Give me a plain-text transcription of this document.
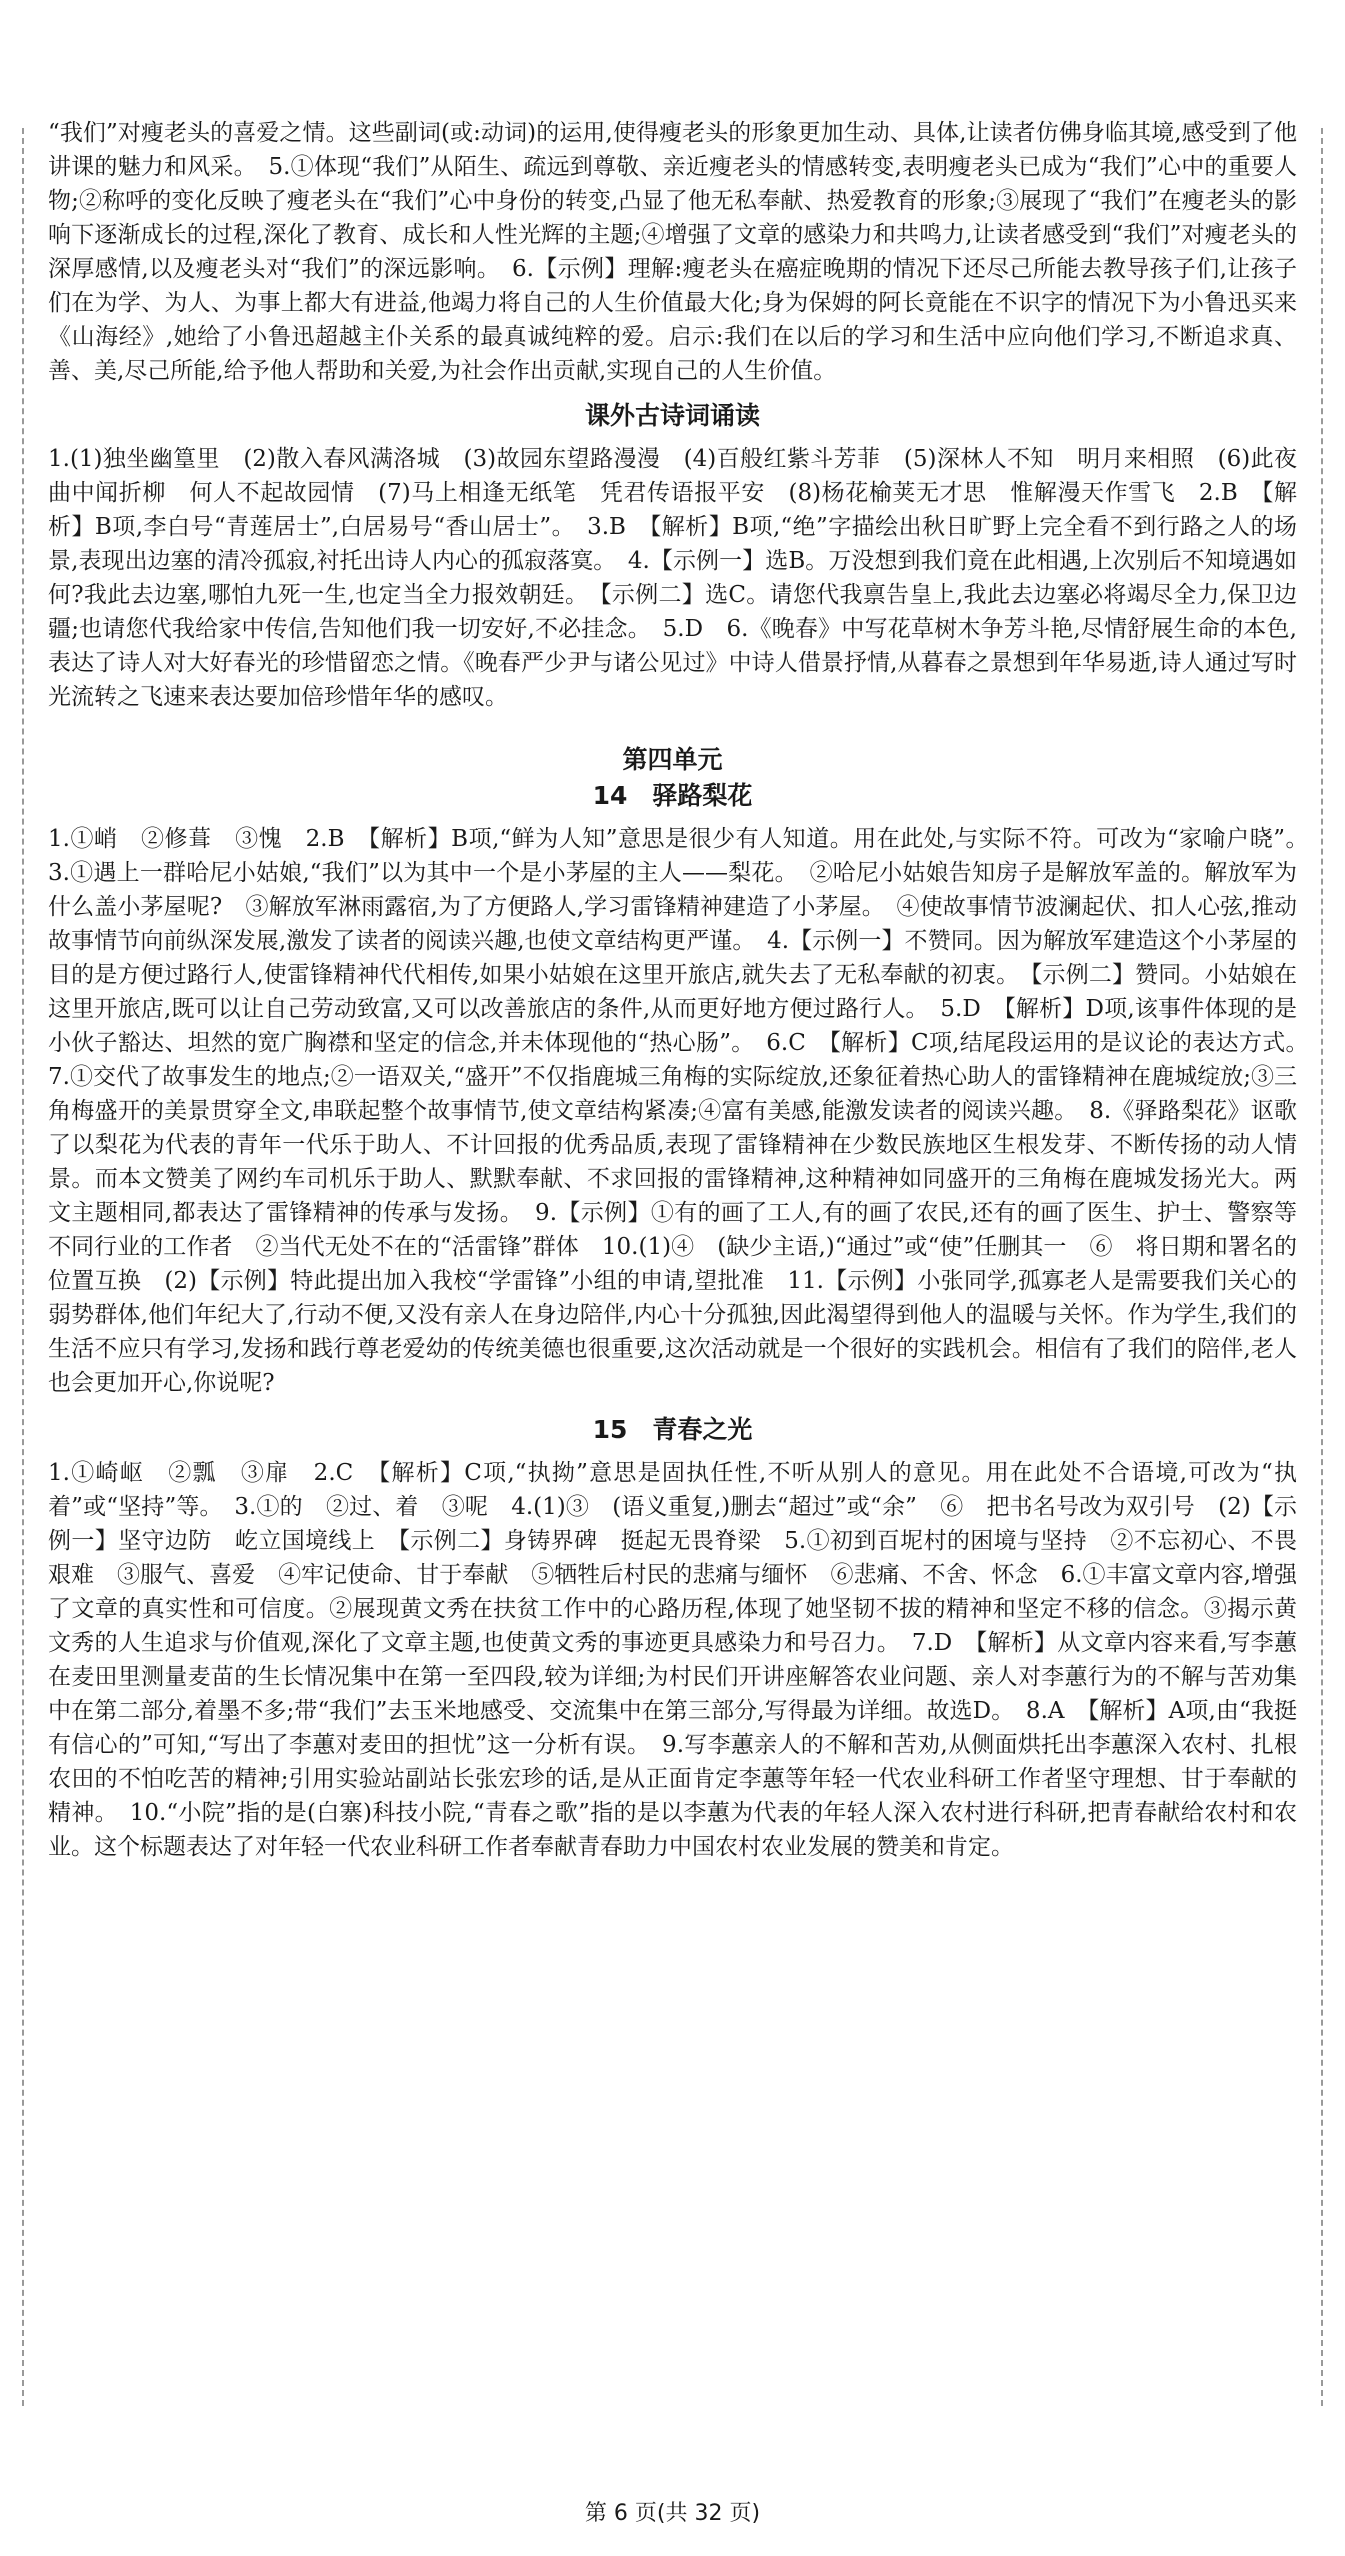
“我们”对瘦老头的喜爱之情。这些副词(或:动词)的运用,使得瘦老头的形象更加生动、具体,让读者仿佛身临其境,感受到了他讲课的魅力和风采。　5.①体现“我们”从陌生、疏远到尊敬、亲近瘦老头的情感转变,表明瘦老头已成为“我们”心中的重要人物;②称呼的变化反映了瘦老头在“我们”心中身份的转变,凸显了他无私奉献、热爱教育的形象;③展现了“我们”在瘦老头的影响下逐渐成长的过程,深化了教育、成长和人性光辉的主题;④增强了文章的感染力和共鸣力,让读者感受到“我们”对瘦老头的深厚感情,以及瘦老头对“我们”的深远影响。　6.【示例】理解:瘦老头在癌症晚期的情况下还尽己所能去教导孩子们,让孩子们在为学、为人、为事上都大有进益,他竭力将自己的人生价值最大化;身为保姆的阿长竟能在不识字的情况下为小鲁迅买来《山海经》,她给了小鲁迅超越主仆关系的最真诚纯粹的爱。启示:我们在以后的学习和生活中应向他们学习,不断追求真、善、美,尽己所能,给予他人帮助和关爱,为社会作出贡献,实现自己的人生价值。

课外古诗词诵读

1.(1)独坐幽篁里　(2)散入春风满洛城　(3)故园东望路漫漫　(4)百般红紫斗芳菲　(5)深林人不知　明月来相照　(6)此夜曲中闻折柳　何人不起故园情　(7)马上相逢无纸笔　凭君传语报平安　(8)杨花榆荚无才思　惟解漫天作雪飞　2.B　【解析】B项,李白号“青莲居士”,白居易号“香山居士”。　3.B　【解析】B项,“绝”字描绘出秋日旷野上完全看不到行路之人的场景,表现出边塞的清冷孤寂,衬托出诗人内心的孤寂落寞。　4.【示例一】选B。万没想到我们竟在此相遇,上次别后不知境遇如何?我此去边塞,哪怕九死一生,也定当全力报效朝廷。　【示例二】选C。请您代我禀告皇上,我此去边塞必将竭尽全力,保卫边疆;也请您代我给家中传信,告知他们我一切安好,不必挂念。　5.D　6.《晚春》中写花草树木争芳斗艳,尽情舒展生命的本色,表达了诗人对大好春光的珍惜留恋之情。《晚春严少尹与诸公见过》中诗人借景抒情,从暮春之景想到年华易逝,诗人通过写时光流转之飞速来表达要加倍珍惜年华的感叹。

第四单元
14　驿路梨花

1.①峭　②修葺　③愧　2.B　【解析】B项,“鲜为人知”意思是很少有人知道。用在此处,与实际不符。可改为“家喻户晓”。　3.①遇上一群哈尼小姑娘,“我们”以为其中一个是小茅屋的主人——梨花。　②哈尼小姑娘告知房子是解放军盖的。解放军为什么盖小茅屋呢?　③解放军淋雨露宿,为了方便路人,学习雷锋精神建造了小茅屋。　④使故事情节波澜起伏、扣人心弦,推动故事情节向前纵深发展,激发了读者的阅读兴趣,也使文章结构更严谨。　4.【示例一】不赞同。因为解放军建造这个小茅屋的目的是方便过路行人,使雷锋精神代代相传,如果小姑娘在这里开旅店,就失去了无私奉献的初衷。　【示例二】赞同。小姑娘在这里开旅店,既可以让自己劳动致富,又可以改善旅店的条件,从而更好地方便过路行人。　5.D　【解析】D项,该事件体现的是小伙子豁达、坦然的宽广胸襟和坚定的信念,并未体现他的“热心肠”。　6.C　【解析】C项,结尾段运用的是议论的表达方式。　7.①交代了故事发生的地点;②一语双关,“盛开”不仅指鹿城三角梅的实际绽放,还象征着热心助人的雷锋精神在鹿城绽放;③三角梅盛开的美景贯穿全文,串联起整个故事情节,使文章结构紧凑;④富有美感,能激发读者的阅读兴趣。　8.《驿路梨花》讴歌了以梨花为代表的青年一代乐于助人、不计回报的优秀品质,表现了雷锋精神在少数民族地区生根发芽、不断传扬的动人情景。而本文赞美了网约车司机乐于助人、默默奉献、不求回报的雷锋精神,这种精神如同盛开的三角梅在鹿城发扬光大。两文主题相同,都表达了雷锋精神的传承与发扬。　9.【示例】①有的画了工人,有的画了农民,还有的画了医生、护士、警察等不同行业的工作者　②当代无处不在的“活雷锋”群体　10.(1)④　(缺少主语,)“通过”或“使”任删其一　⑥　将日期和署名的位置互换　(2)【示例】特此提出加入我校“学雷锋”小组的申请,望批准　11.【示例】小张同学,孤寡老人是需要我们关心的弱势群体,他们年纪大了,行动不便,又没有亲人在身边陪伴,内心十分孤独,因此渴望得到他人的温暖与关怀。作为学生,我们的生活不应只有学习,发扬和践行尊老爱幼的传统美德也很重要,这次活动就是一个很好的实践机会。相信有了我们的陪伴,老人也会更加开心,你说呢?

15　青春之光

1.①崎岖　②瓢　③扉　2.C　【解析】C项,“执拗”意思是固执任性,不听从别人的意见。用在此处不合语境,可改为“执着”或“坚持”等。　3.①的　②过、着　③呢　4.(1)③　(语义重复,)删去“超过”或“余”　⑥　把书名号改为双引号　(2)【示例一】坚守边防　屹立国境线上　【示例二】身铸界碑　挺起无畏脊梁　5.①初到百坭村的困境与坚持　②不忘初心、不畏艰难　③服气、喜爱　④牢记使命、甘于奉献　⑤牺牲后村民的悲痛与缅怀　⑥悲痛、不舍、怀念　6.①丰富文章内容,增强了文章的真实性和可信度。②展现黄文秀在扶贫工作中的心路历程,体现了她坚韧不拔的精神和坚定不移的信念。③揭示黄文秀的人生追求与价值观,深化了文章主题,也使黄文秀的事迹更具感染力和号召力。　7.D　【解析】从文章内容来看,写李蕙在麦田里测量麦苗的生长情况集中在第一至四段,较为详细;为村民们开讲座解答农业问题、亲人对李蕙行为的不解与苦劝集中在第二部分,着墨不多;带“我们”去玉米地感受、交流集中在第三部分,写得最为详细。故选D。　8.A　【解析】A项,由“我挺有信心的”可知,“写出了李蕙对麦田的担忧”这一分析有误。　9.写李蕙亲人的不解和苦劝,从侧面烘托出李蕙深入农村、扎根农田的不怕吃苦的精神;引用实验站副站长张宏珍的话,是从正面肯定李蕙等年轻一代农业科研工作者坚守理想、甘于奉献的精神。　10.“小院”指的是(白寨)科技小院,“青春之歌”指的是以李蕙为代表的年轻人深入农村进行科研,把青春献给农村和农业。这个标题表达了对年轻一代农业科研工作者奉献青春助力中国农村农业发展的赞美和肯定。

第 6 页(共 32 页)
